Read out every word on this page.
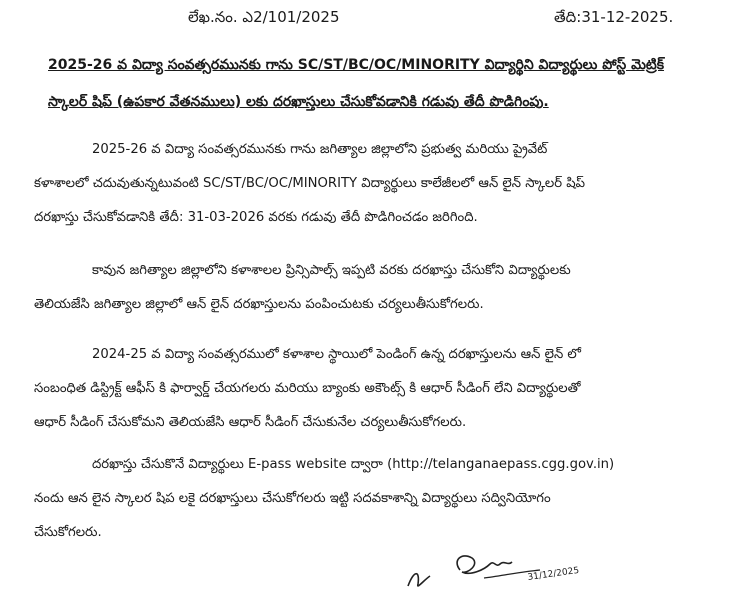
లేఖ.నం. ఎ2/101/2025	తేది:31-12-2025.
2025-26 వ విద్యా సంవత్సరమునకు గాను SC/ST/BC/OC/MINORITY విద్యార్థిని విద్యార్థులు పోస్ట్ మెట్రిక్
స్కాలర్ షిప్ (ఉపకార వేతనములు) లకు దరఖాస్తులు చేసుకోవడానికి గడువు తేదీ పొడిగింపు.
2025-26 వ విద్యా సంవత్సరమునకు గాను జగిత్యాల జిల్లాలోని ప్రభుత్వ మరియు ప్రైవేట్
కళాశాలలో చదువుతున్నటువంటి SC/ST/BC/OC/MINORITY విద్యార్థులు కాలేజీలలో ఆన్ లైన్ స్కాలర్ షిప్
దరఖాస్తు చేసుకోవడానికి తేదీ: 31-03-2026 వరకు గడువు తేదీ పొడిగించడం జరిగింది.
కావున జగిత్యాల జిల్లాలోని కళాశాలల ప్రిన్సిపాల్స్ ఇప్పటి వరకు దరఖాస్తు చేసుకోని విద్యార్థులకు
తెలియజేసి జగిత్యాల జిల్లాలో ఆన్ లైన్ దరఖాస్తులను పంపించుటకు చర్యలుతీసుకోగలరు.
2024-25 వ విద్యా సంవత్సరములో కళాశాల స్థాయిలో పెండింగ్ ఉన్న దరఖాస్తులను ఆన్ లైన్ లో
సంబంధిత డిస్ట్రిక్ట్ ఆఫీస్ కి ఫార్వార్డ్ చేయగలరు మరియు బ్యాంకు అకౌంట్స్ కి ఆధార్ సీడింగ్ లేని విద్యార్థులతో
ఆధార్ సీడింగ్ చేసుకోమని తెలియజేసి ఆధార్ సీడింగ్ చేసుకునేల చర్యలుతీసుకోగలరు.
దరఖాస్తు చేసుకొనే విద్యార్థులు E-pass website ద్వారా (http://telanganaepass.cgg.gov.in)
నందు ఆన లైన స్కాలర షిప లకై దరఖాస్తులు చేసుకోగలరు ఇట్టి సదవకాశాన్ని విద్యార్థులు సద్వినియోగం
చేసుకోగలరు.
31/12/2025
